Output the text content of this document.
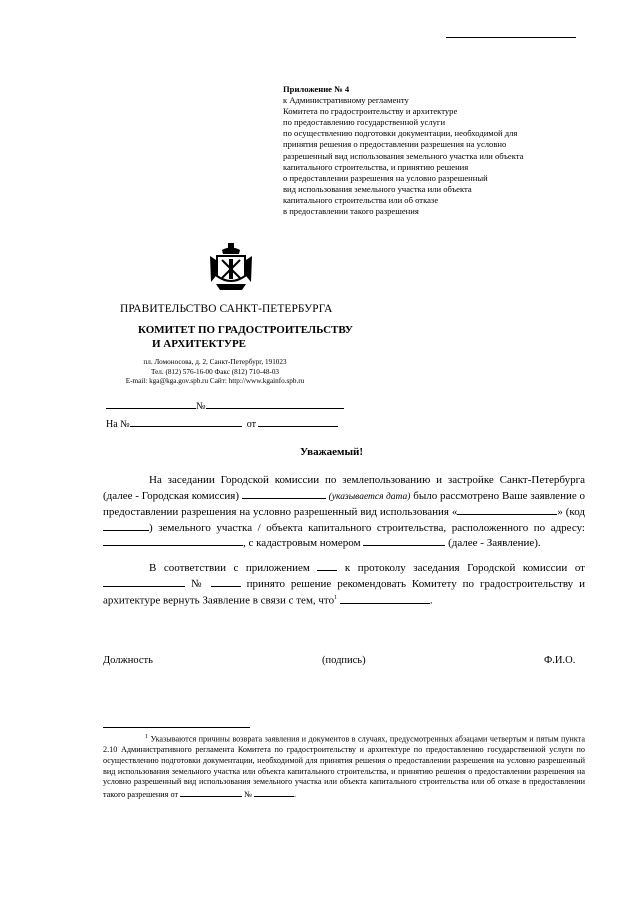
Приложение № 4
к Административному регламенту
Комитета по градостроительству и архитектуре
по предоставлению государственной услуги
по осуществлению подготовки документации, необходимой для
принятия решения о предоставлении разрешения на условно
разрешенный вид использования земельного участка или объекта
капитального строительства, и принятию решения
о предоставлении разрешения на условно разрешенный
вид использования земельного участка или объекта
капитального строительства или об отказе
в предоставлении такого разрешения
ПРАВИТЕЛЬСТВО САНКТ-ПЕТЕРБУРГА
КОМИТЕТ ПО ГРАДОСТРОИТЕЛЬСТВУ
И АРХИТЕКТУРЕ
пл. Ломоносова, д. 2, Санкт-Петербург, 191023
Тел. (812) 576-16-00 Факс (812) 710-48-03
E-mail: kga@kga.gov.spb.ru Сайт: http://www.kgainfo.spb.ru
№
На №	от
Уважаемый!
На заседании Городской комиссии по землепользованию и застройке Санкт-Петербурга (далее - Городская комиссия)	(указывается дата) было рассмотрено Ваше заявление о предоставлении разрешения на условно разрешенный вид использования «	» (код ) земельного участка / объекта капитального строительства, расположенного по адресу: , с кадастровым номером	(далее - Заявление).
В соответствии с приложением	к протоколу заседания Городской комиссии от  №	принято решение рекомендовать Комитету по градостроительству и архитектуре вернуть Заявление в связи с тем, что$^1$	.
Должность	(подпись)	Ф.И.О.
$^1$ Указываются причины возврата заявления и документов в случаях, предусмотренных абзацами четвертым и пятым пункта 2.10 Административного регламента Комитета по градостроительству и архитектуре по предоставлению государственной услуги по осуществлению подготовки документации, необходимой для принятия решения о предоставлении разрешения на условно разрешенный вид использования земельного участка или объекта капитального строительства, и принятию решения о предоставлении разрешения на условно разрешенный вид использования земельного участка или объекта капитального строительства или об отказе в предоставлении такого разрешения от	№	.
